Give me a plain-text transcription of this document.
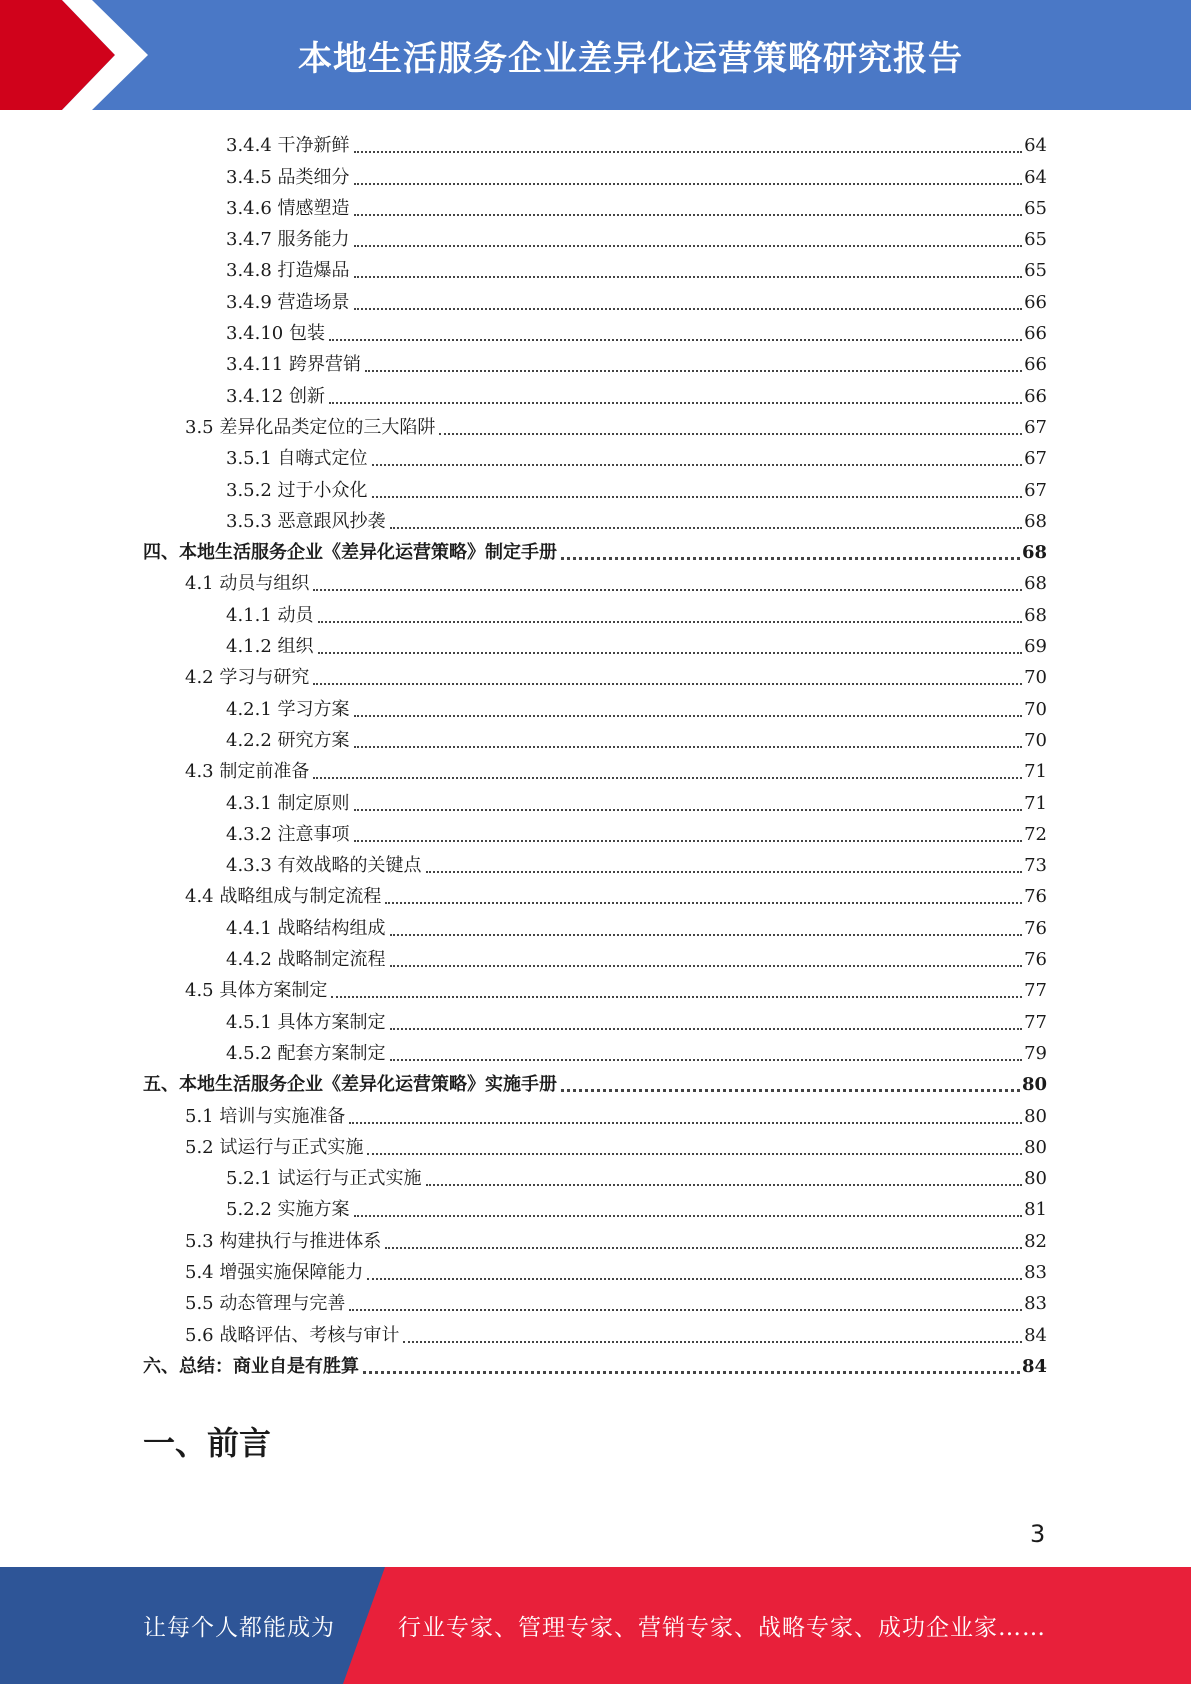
本地生活服务企业差异化运营策略研究报告
3.4.4 干净新鲜	64
3.4.5 品类细分	64
3.4.6 情感塑造	65
3.4.7 服务能力	65
3.4.8 打造爆品	65
3.4.9 营造场景	66
3.4.10 包装	66
3.4.11 跨界营销	66
3.4.12 创新	66
3.5 差异化品类定位的三大陷阱	67
3.5.1 自嗨式定位	67
3.5.2 过于小众化	67
3.5.3 恶意跟风抄袭	68
四、本地生活服务企业《差异化运营策略》制定手册	68
4.1 动员与组织	68
4.1.1 动员	68
4.1.2 组织	69
4.2 学习与研究	70
4.2.1 学习方案	70
4.2.2 研究方案	70
4.3 制定前准备	71
4.3.1 制定原则	71
4.3.2 注意事项	72
4.3.3 有效战略的关键点	73
4.4 战略组成与制定流程	76
4.4.1 战略结构组成	76
4.4.2 战略制定流程	76
4.5 具体方案制定	77
4.5.1 具体方案制定	77
4.5.2 配套方案制定	79
五、本地生活服务企业《差异化运营策略》实施手册	80
5.1 培训与实施准备	80
5.2 试运行与正式实施	80
5.2.1 试运行与正式实施	80
5.2.2 实施方案	81
5.3 构建执行与推进体系	82
5.4 增强实施保障能力	83
5.5 动态管理与完善	83
5.6 战略评估、考核与审计	84
六、总结：商业自是有胜算	84
一、前言
3
让每个人都能成为	行业专家、管理专家、营销专家、战略专家、成功企业家……
